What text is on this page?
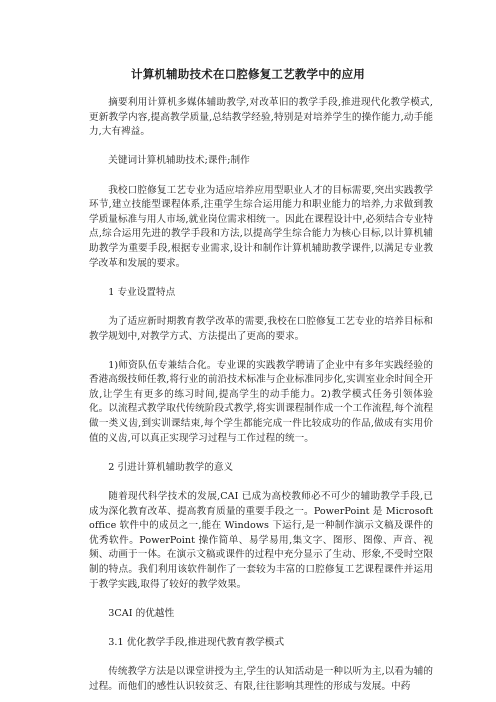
计算机辅助技术在口腔修复工艺教学中的应用

摘要利用计算机多媒体辅助教学,对改革旧的教学手段,推进现代化教学模式,更新教学内容,提高教学质量,总结教学经验,特别是对培养学生的操作能力,动手能力,大有裨益。

关键词计算机辅助技术;课件;制作

我校口腔修复工艺专业为适应培养应用型职业人才的目标需要,突出实践教学环节,建立技能型课程体系,注重学生综合运用能力和职业能力的培养,力求做到教学质量标准与用人市场,就业岗位需求相统一。因此在课程设计中,必须结合专业特点,综合运用先进的教学手段和方法,以提高学生综合能力为核心目标,以计算机辅助教学为重要手段,根据专业需求,设计和制作计算机辅助教学课件,以满足专业教学改革和发展的要求。

1 专业设置特点

为了适应新时期教育教学改革的需要,我校在口腔修复工艺专业的培养目标和教学规划中,对教学方式、方法提出了更高的要求。

1)师资队伍专兼结合化。专业课的实践教学聘请了企业中有多年实践经验的香港高级技师任教,将行业的前沿技术标准与企业标准同步化,实训室业余时间全开放,让学生有更多的练习时间,提高学生的动手能力。2)教学模式任务引领体验化。以流程式教学取代传统阶段式教学,将实训课程制作成一个工作流程,每个流程做一类义齿,到实训课结束,每个学生都能完成一件比较成功的作品,做成有实用价值的义齿,可以真正实现学习过程与工作过程的统一。

2 引进计算机辅助教学的意义

随着现代科学技术的发展,CAI 已成为高校教师必不可少的辅助教学手段,已成为深化教育改革、提高教育质量的重要手段之一。PowerPoint 是 Microsoft office 软件中的成员之一,能在 Windows 下运行,是一种制作演示文稿及课件的优秀软件。PowerPoint 操作简单、易学易用,集文字、图形、图像、声音、视频、动画于一体。在演示文稿或课件的过程中充分显示了生动、形象,不受时空限制的特点。我们利用该软件制作了一套较为丰富的口腔修复工艺课程课件并运用于教学实践,取得了较好的教学效果。

3CAI 的优越性

3.1 优化教学手段,推进现代教育教学模式

传统教学方法是以课堂讲授为主,学生的认知活动是一种以听为主,以看为辅的过程。而他们的感性认识较贫乏、有限,往往影响其理性的形成与发展。中药
